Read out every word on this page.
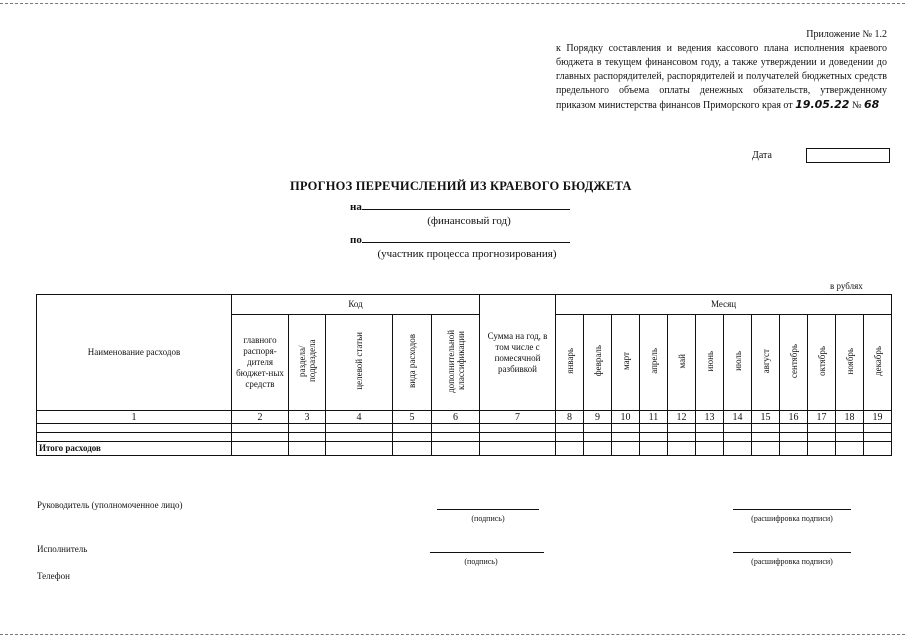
Приложение № 1.2
к Порядку составления и ведения кассового плана исполнения краевого бюджета в текущем финансовом году, а также утверждении и доведении до главных распорядителей, распорядителей и получателей бюджетных средств предельного объема оплаты денежных обязательств, утвержденному приказом министерства финансов Приморского края от 19.05.22 № 68
Дата
ПРОГНОЗ ПЕРЕЧИСЛЕНИЙ ИЗ КРАЕВОГО БЮДЖЕТА
на
(финансовый год)
по
(участник процесса прогнозирования)
в рублях
Наименование расходов	Код					Сумма на год, в том числе с помесячной разбивкой	Месяц											
	главного распоря-дителя бюджет-ных средств	раздела/ подраздела	целевой статьи	вида расходов	дополнительной классификации		январь	февраль	март	апрель	май	июнь	июль	август	сентябрь	октябрь	ноябрь	декабрь
1	2	3	4	5	6	7	8	9	10	11	12	13	14	15	16	17	18	19

Итого расходов																		
Руководитель (уполномоченное лицо)
(подпись)	(расшифровка подписи)
Исполнитель
(подпись)	(расшифровка подписи)
Телефон
